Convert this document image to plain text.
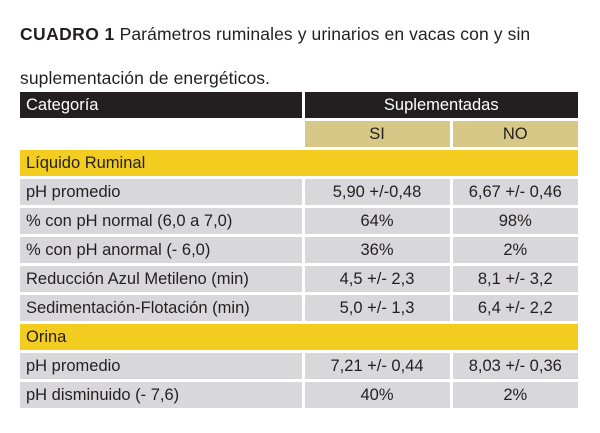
CUADRO 1 Parámetros ruminales y urinarios en vacas con y sin suplementación de energéticos.
Categoría	Suplementadas	
	SI	NO
Líquido Ruminal		
pH promedio	5,90 +/-0,48	6,67 +/- 0,46
% con pH normal (6,0 a 7,0)	64%	98%
% con pH anormal (- 6,0)	36%	2%
Reducción Azul Metileno (min)	4,5 +/- 2,3	8,1 +/- 3,2
Sedimentación-Flotación (min)	5,0 +/- 1,3	6,4 +/- 2,2
Orina		
pH promedio	7,21 +/- 0,44	8,03 +/- 0,36
pH disminuido (- 7,6)	40%	2%
